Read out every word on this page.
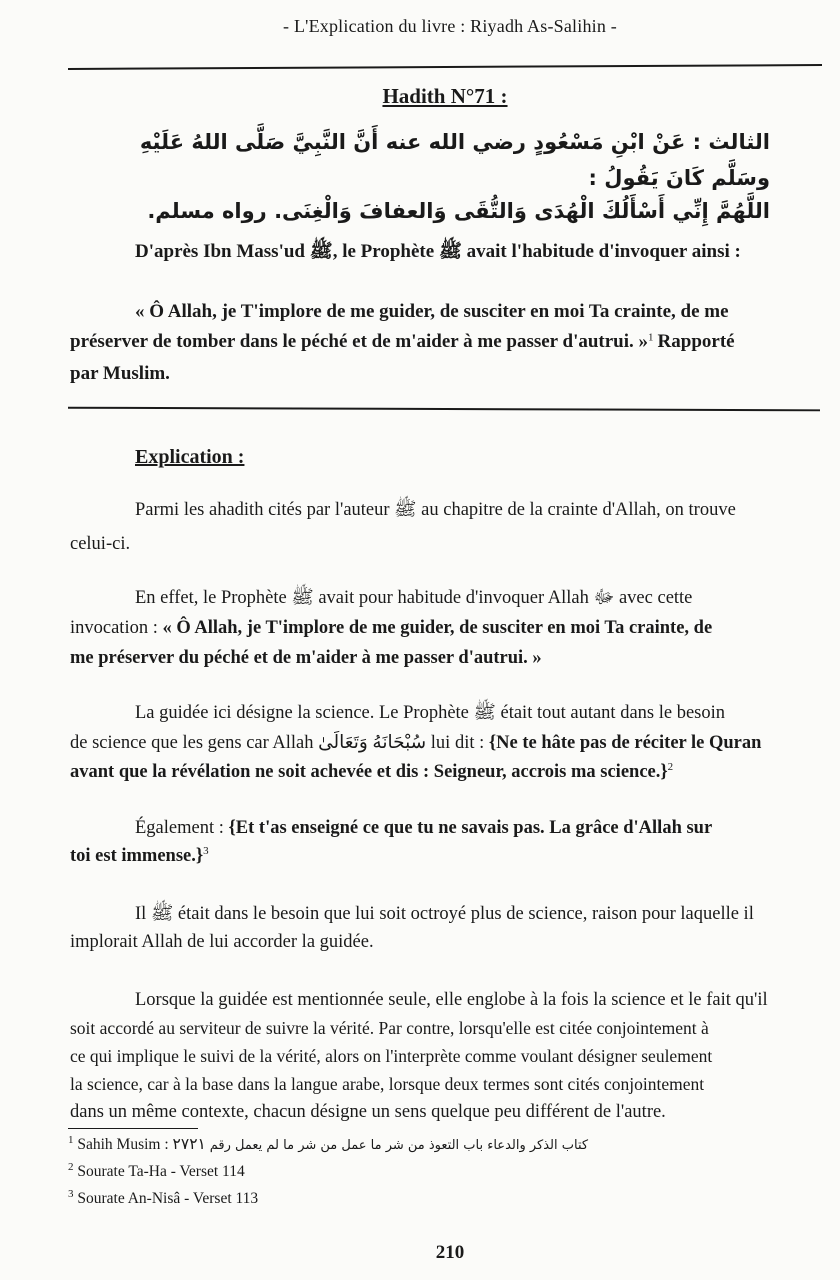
- L'Explication du livre : Riyadh As-Salihin -
Hadith N°71 :
الثالث : عَنْ ابْنِ مَسْعُودٍ رضي الله عنه أَنَّ النَّبِيَّ صَلَّى اللهُ عَلَيْهِ وسَلَّم كَانَ يَقُولُ :
اللَّهُمَّ إِنِّي أَسْأَلُكَ الْهُدَى وَالتُّقَى وَالعفافَ وَالْغِنَى. رواه مسلم.
D'après Ibn Mass'ud ﷺ, le Prophète ﷺ avait l'habitude d'invoquer ainsi :
« Ô Allah, je T'implore de me guider, de susciter en moi Ta crainte, de me
préserver de tomber dans le péché et de m'aider à me passer d'autrui. »$^1$ Rapporté
par Muslim.
Explication :
Parmi les ahadith cités par l'auteur ﷺ au chapitre de la crainte d'Allah, on trouve
celui-ci.
En effet, le Prophète ﷺ avait pour habitude d'invoquer Allah ﷻ avec cette
invocation : « Ô Allah, je T'implore de me guider, de susciter en moi Ta crainte, de
me préserver du péché et de m'aider à me passer d'autrui. »
La guidée ici désigne la science. Le Prophète ﷺ était tout autant dans le besoin
de science que les gens car Allah سُبْحَانَهُ وَتَعَالَىٰ lui dit : {Ne te hâte pas de réciter le Quran
avant que la révélation ne soit achevée et dis : Seigneur, accrois ma science.}$^2$
Également : {Et t'as enseigné ce que tu ne savais pas. La grâce d'Allah sur
toi est immense.}$^3$
Il ﷺ était dans le besoin que lui soit octroyé plus de science, raison pour laquelle il
implorait Allah de lui accorder la guidée.
Lorsque la guidée est mentionnée seule, elle englobe à la fois la science et le fait qu'il
soit accordé au serviteur de suivre la vérité. Par contre, lorsqu'elle est citée conjointement à
ce qui implique le suivi de la vérité, alors on l'interprète comme voulant désigner seulement
la science, car à la base dans la langue arabe, lorsque deux termes sont cités conjointement
dans un même contexte, chacun désigne un sens quelque peu différent de l'autre.
$^1$ Sahih Musim : ٢٧٢١ كتاب الذكر والدعاء باب التعوذ من شر ما عمل من شر ما لم يعمل رقم
$^2$ Sourate Ta-Ha - Verset 114
$^3$ Sourate An-Nisâ - Verset 113
210
